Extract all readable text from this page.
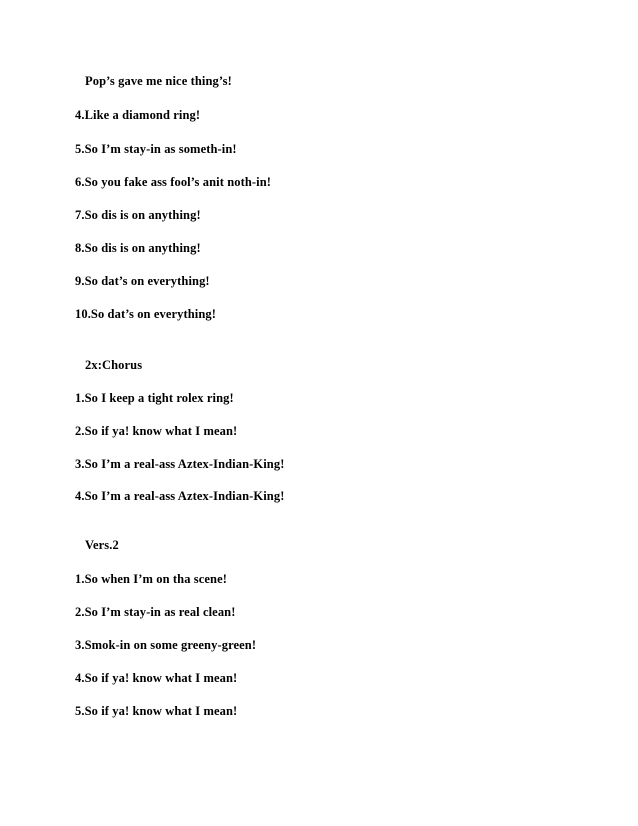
Pop’s gave me nice thing’s!

4.Like a diamond ring!

5.So I’m stay-in as someth-in!

6.So you fake ass fool’s anit noth-in!

7.So dis is on anything!

8.So dis is on anything!

9.So dat’s on everything!

10.So dat’s on everything!

2x:Chorus

1.So I keep a tight rolex ring!

2.So if ya! know what I mean!

3.So I’m a real-ass Aztex-Indian-King!

4.So I’m a real-ass Aztex-Indian-King!

Vers.2

1.So when I’m on tha scene!

2.So I’m stay-in as real clean!

3.Smok-in on some greeny-green!

4.So if ya! know what I mean!

5.So if ya! know what I mean!
